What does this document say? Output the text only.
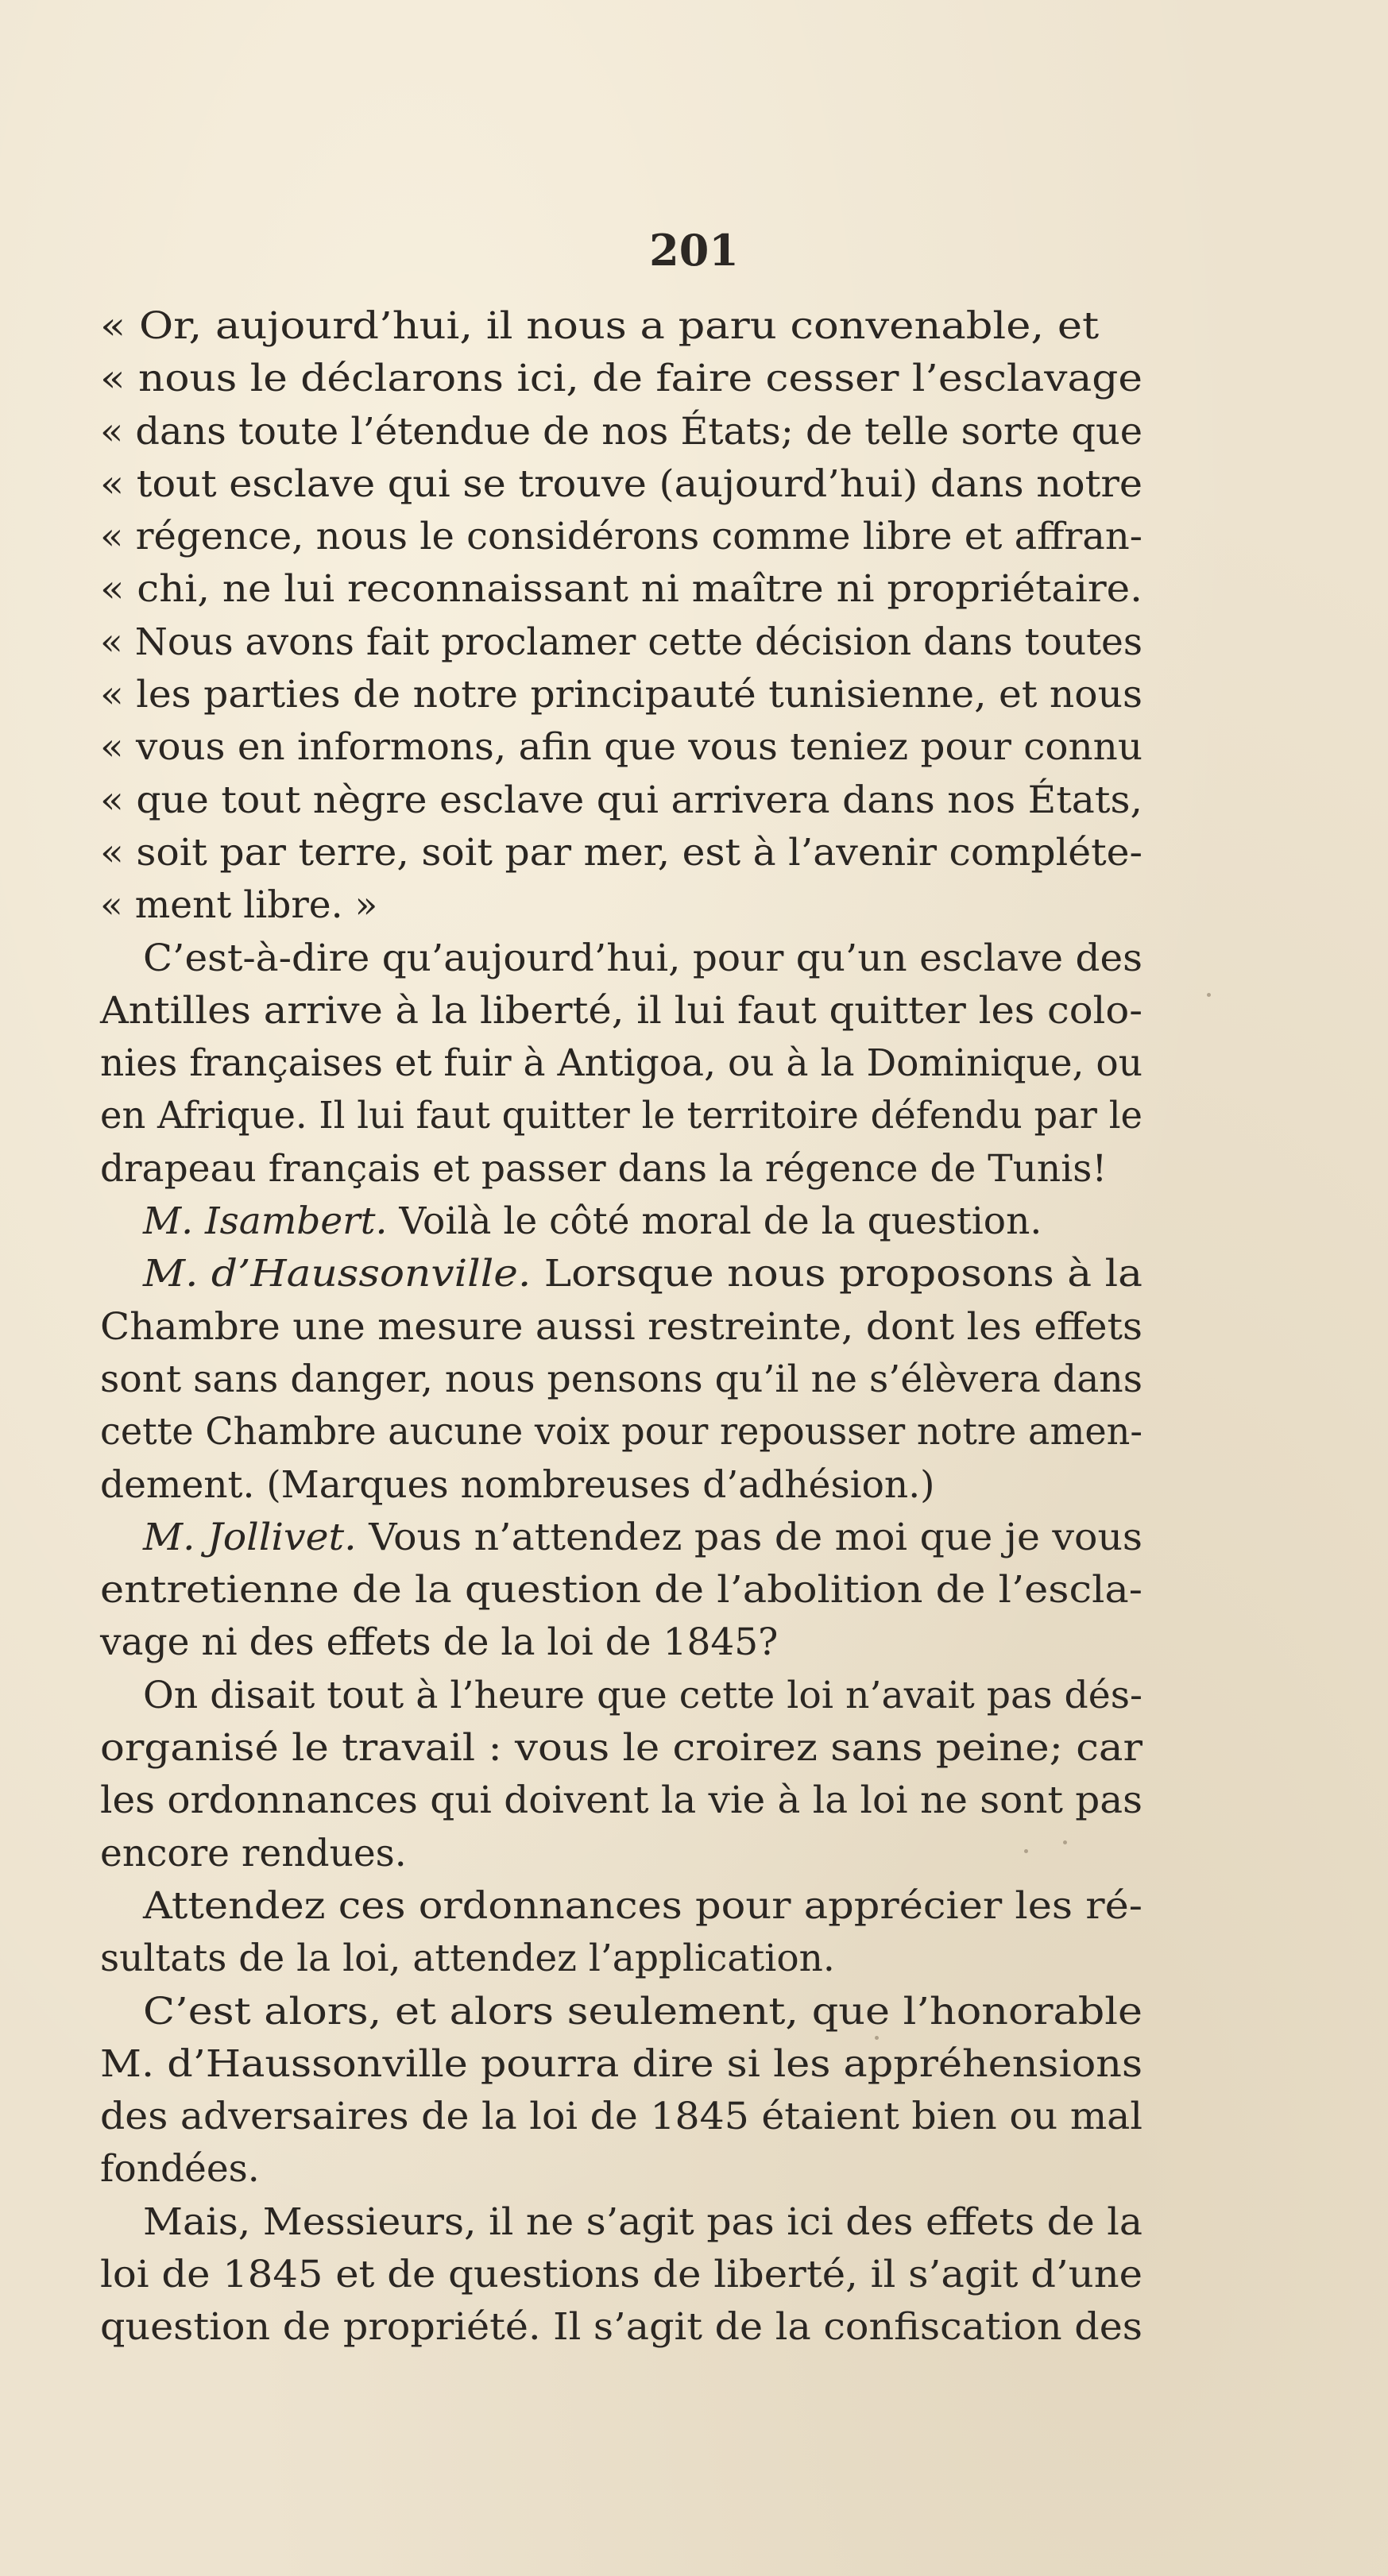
201
« Or, aujourd’hui, il nous a paru convenable, et
« nous le déclarons ici, de faire cesser l’esclavage
« dans toute l’étendue de nos États; de telle sorte que
« tout esclave qui se trouve (aujourd’hui) dans notre
« régence, nous le considérons comme libre et affran-
« chi, ne lui reconnaissant ni maître ni propriétaire.
« Nous avons fait proclamer cette décision dans toutes
« les parties de notre principauté tunisienne, et nous
« vous en informons, afin que vous teniez pour connu
« que tout nègre esclave qui arrivera dans nos États,
« soit par terre, soit par mer, est à l’avenir compléte-
« ment libre. »
C’est-à-dire qu’aujourd’hui, pour qu’un esclave des
Antilles arrive à la liberté, il lui faut quitter les colo-
nies françaises et fuir à Antigoa, ou à la Dominique, ou
en Afrique. Il lui faut quitter le territoire défendu par le
drapeau français et passer dans la régence de Tunis!
M. Isambert. Voilà le côté moral de la question.
M. d’Haussonville. Lorsque nous proposons à la
Chambre une mesure aussi restreinte, dont les effets
sont sans danger, nous pensons qu’il ne s’élèvera dans
cette Chambre aucune voix pour repousser notre amen-
dement. (Marques nombreuses d’adhésion.)
M. Jollivet. Vous n’attendez pas de moi que je vous
entretienne de la question de l’abolition de l’escla-
vage ni des effets de la loi de 1845?
On disait tout à l’heure que cette loi n’avait pas dés-
organisé le travail : vous le croirez sans peine; car
les ordonnances qui doivent la vie à la loi ne sont pas
encore rendues.
Attendez ces ordonnances pour apprécier les ré-
sultats de la loi, attendez l’application.
C’est alors, et alors seulement, que l’honorable
M. d’Haussonville pourra dire si les appréhensions
des adversaires de la loi de 1845 étaient bien ou mal
fondées.
Mais, Messieurs, il ne s’agit pas ici des effets de la
loi de 1845 et de questions de liberté, il s’agit d’une
question de propriété. Il s’agit de la confiscation des
